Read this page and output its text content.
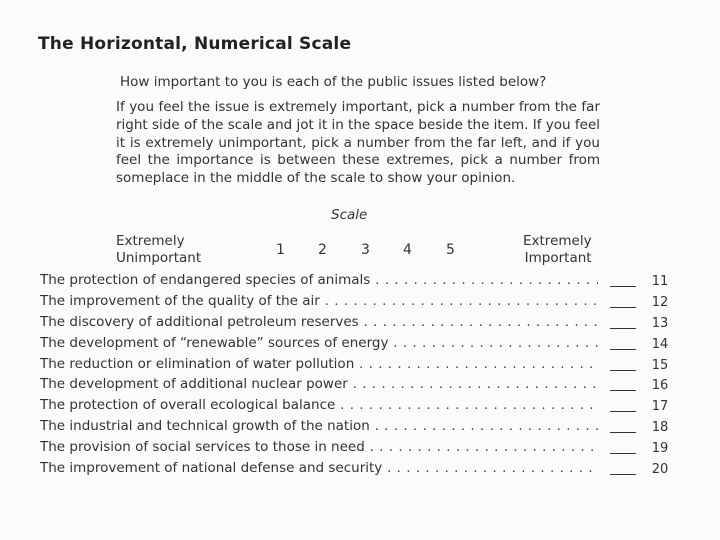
The Horizontal, Numerical Scale
How important to you is each of the public issues listed below?

If you feel the issue is extremely important, pick a number from the far right side of the scale and jot it in the space beside the item. If you feel it is extremely unimportant, pick a number from the far left, and if you feel the importance is between these extremes, pick a number from someplace in the middle of the scale to show your opinion.

Scale
Extremely
Unimportant	1 2 3 4 5
Extremely
Important
The protection of endangered species of animals . . .	11
The improvement of the quality of the air . . .	12
The discovery of additional petroleum reserves . . .	13
The development of “renewable” sources of energy . . .	14
The reduction or elimination of water pollution . . .	15
The development of additional nuclear power . . .	16
The protection of overall ecological balance . . .	17
The industrial and technical growth of the nation . . .	18
The provision of social services to those in need . . .	19
The improvement of national defense and security . . .	20
